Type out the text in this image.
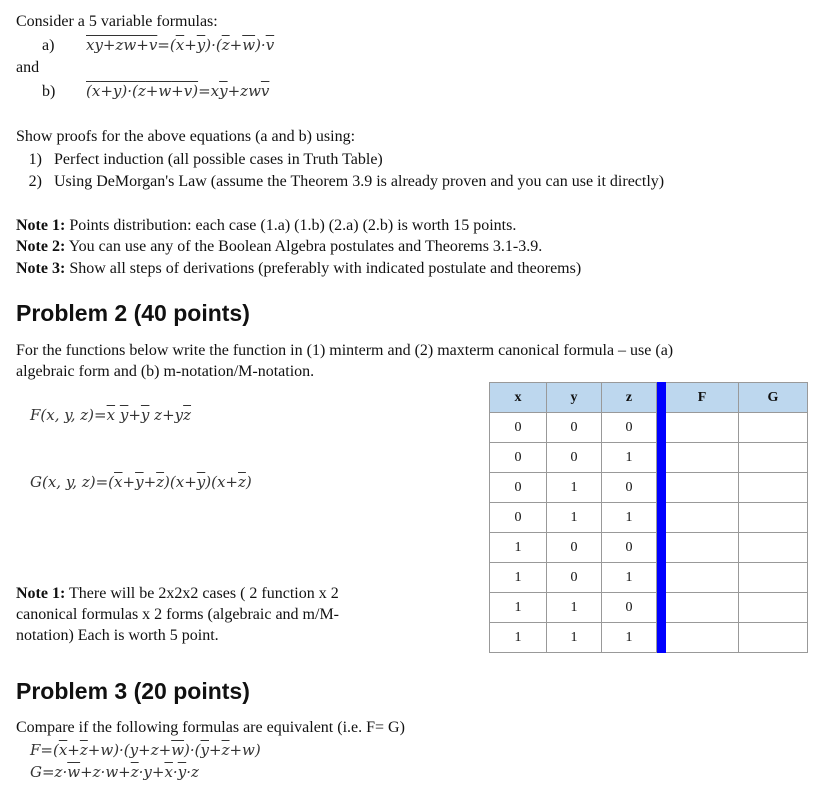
Consider a 5 variable formulas:
a) $xy+zw+v=(\overline{x}+\overline{y})\cdot(\overline{z}+\overline{w})\cdot\overline{v}$
and
b) $(x+y)\cdot(z+w+v)=x\overline{y}+zw\overline{v}$
Show proofs for the above equations (a and b) using:
1) Perfect induction (all possible cases in Truth Table)
2) Using DeMorgan's Law (assume the Theorem 3.9 is already proven and you can use it directly)
Note 1: Points distribution: each case (1.a) (1.b) (2.a) (2.b) is worth 15 points.
Note 2: You can use any of the Boolean Algebra postulates and Theorems 3.1-3.9.
Note 3: Show all steps of derivations (preferably with indicated postulate and theorems)
Problem 2 (40 points)
For the functions below write the function in (1) minterm and (2) maxterm canonical formula – use (a)
algebraic form and (b) m-notation/M-notation.
F(x, y, $z)=\overline{x}$ $\overline{y}+\overline{y}$ $z+y\overline{z}$
G(x, y, $z)=(\overline{x}+\overline{y}+\overline{z})(x+\overline{y})(x+\overline{z})$
Note 1: There will be 2x2x2 cases ( 2 function x 2
canonical formulas x 2 forms (algebraic and m/M-
notation) Each is worth 5 point.
x	y	z		F	G
0	0	0			
0	0	1			
0	1	0			
0	1	1			
1	0	0			
1	0	1			
1	1	0			
1	1	1			
Problem 3 (20 points)
Compare if the following formulas are equivalent (i.e. F= G)
$F=(\overline{x}+\overline{z}+w)\cdot(y+z+\overline{w})\cdot(\overline{y}+\overline{z}+w)$
$G=z\cdot\overline{w}+z\cdot w+\overline{z}\cdot y+\overline{x}\cdot\overline{y}\cdot z$
